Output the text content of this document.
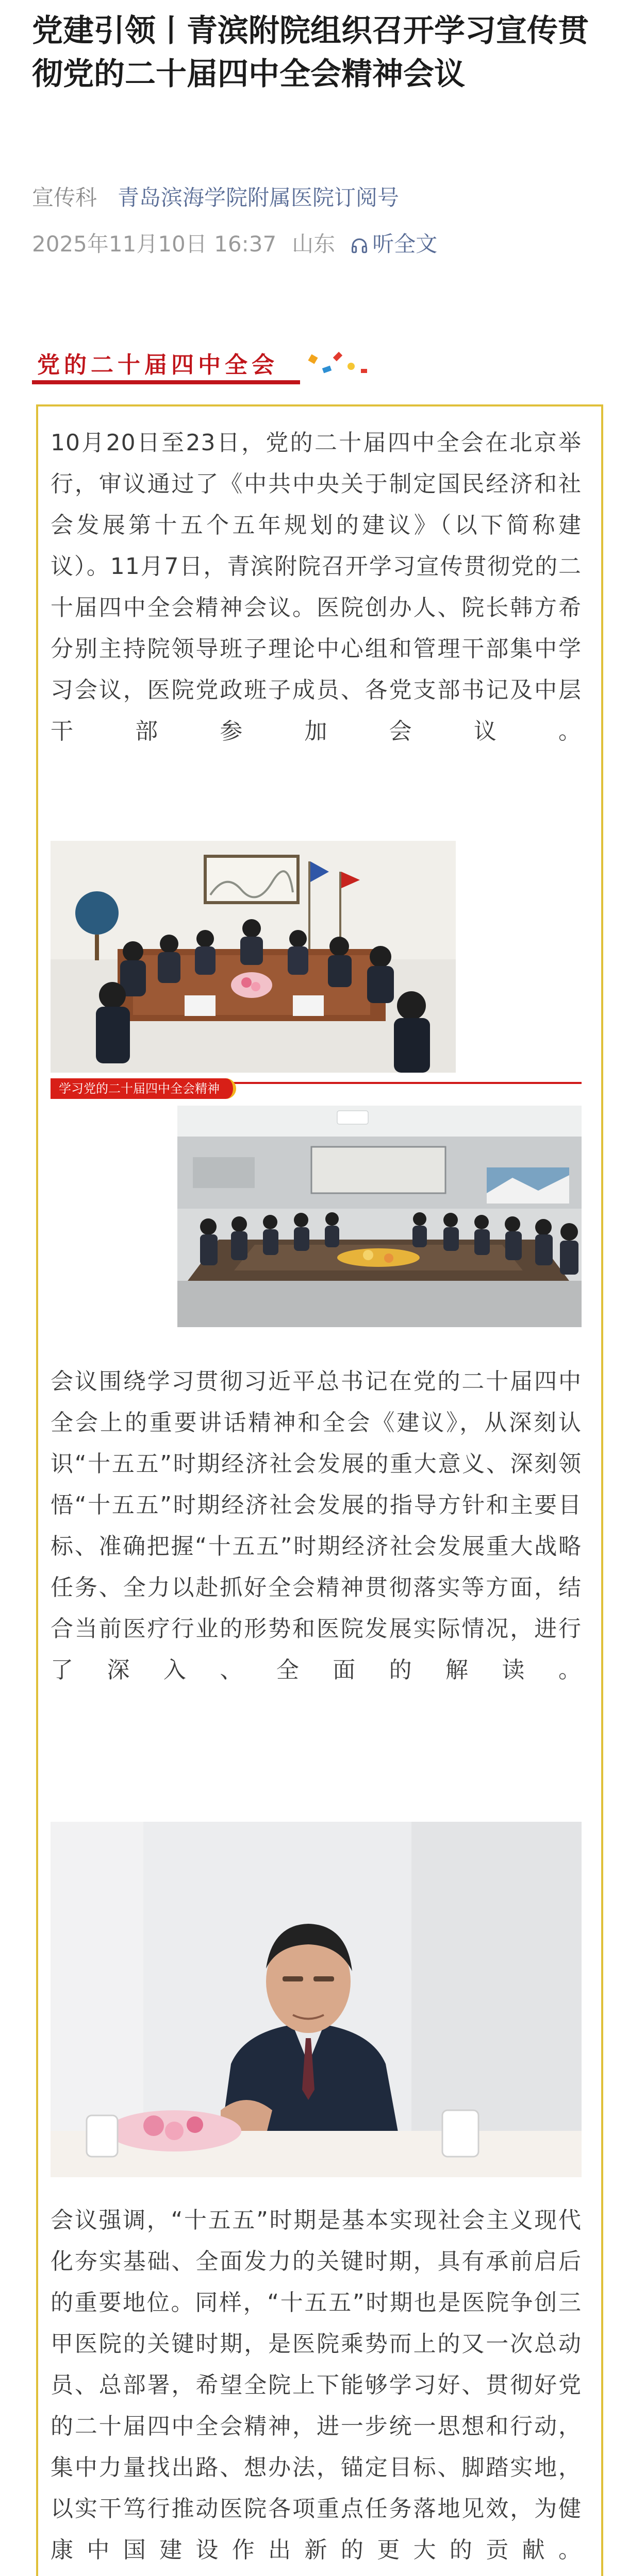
党建引领丨青滨附院组织召开学习宣传贯彻党的二十届四中全会精神会议
宣传科 青岛滨海学院附属医院订阅号
2025年11月10日 16:37 山东 听全文
党的二十届四中全会
10月20日至23日，党的二十届四中全会在北京举行，审议通过了《中共中央关于制定国民经济和社会发展第十五个五年规划的建议》（以下简称建议）。11月7日，青滨附院召开学习宣传贯彻党的二十届四中全会精神会议。医院创办人、院长韩方希分别主持院领导班子理论中心组和管理干部集中学习会议，医院党政班子成员、各党支部书记及中层干部参加会议。
学习党的二十届四中全会精神
会议围绕学习贯彻习近平总书记在党的二十届四中全会上的重要讲话精神和全会《建议》，从深刻认识“十五五”时期经济社会发展的重大意义、深刻领悟“十五五”时期经济社会发展的指导方针和主要目标、准确把握“十五五”时期经济社会发展重大战略任务、全力以赴抓好全会精神贯彻落实等方面，结合当前医疗行业的形势和医院发展实际情况，进行了深入、全面的解读。
会议强调，“十五五”时期是基本实现社会主义现代化夯实基础、全面发力的关键时期，具有承前启后的重要地位。同样，“十五五”时期也是医院争创三甲医院的关键时期，是医院乘势而上的又一次总动员、总部署，希望全院上下能够学习好、贯彻好党的二十届四中全会精神，进一步统一思想和行动，集中力量找出路、想办法，锚定目标、脚踏实地，以实干笃行推动医院各项重点任务落地见效，为健康中国建设作出新的更大的贡献。
